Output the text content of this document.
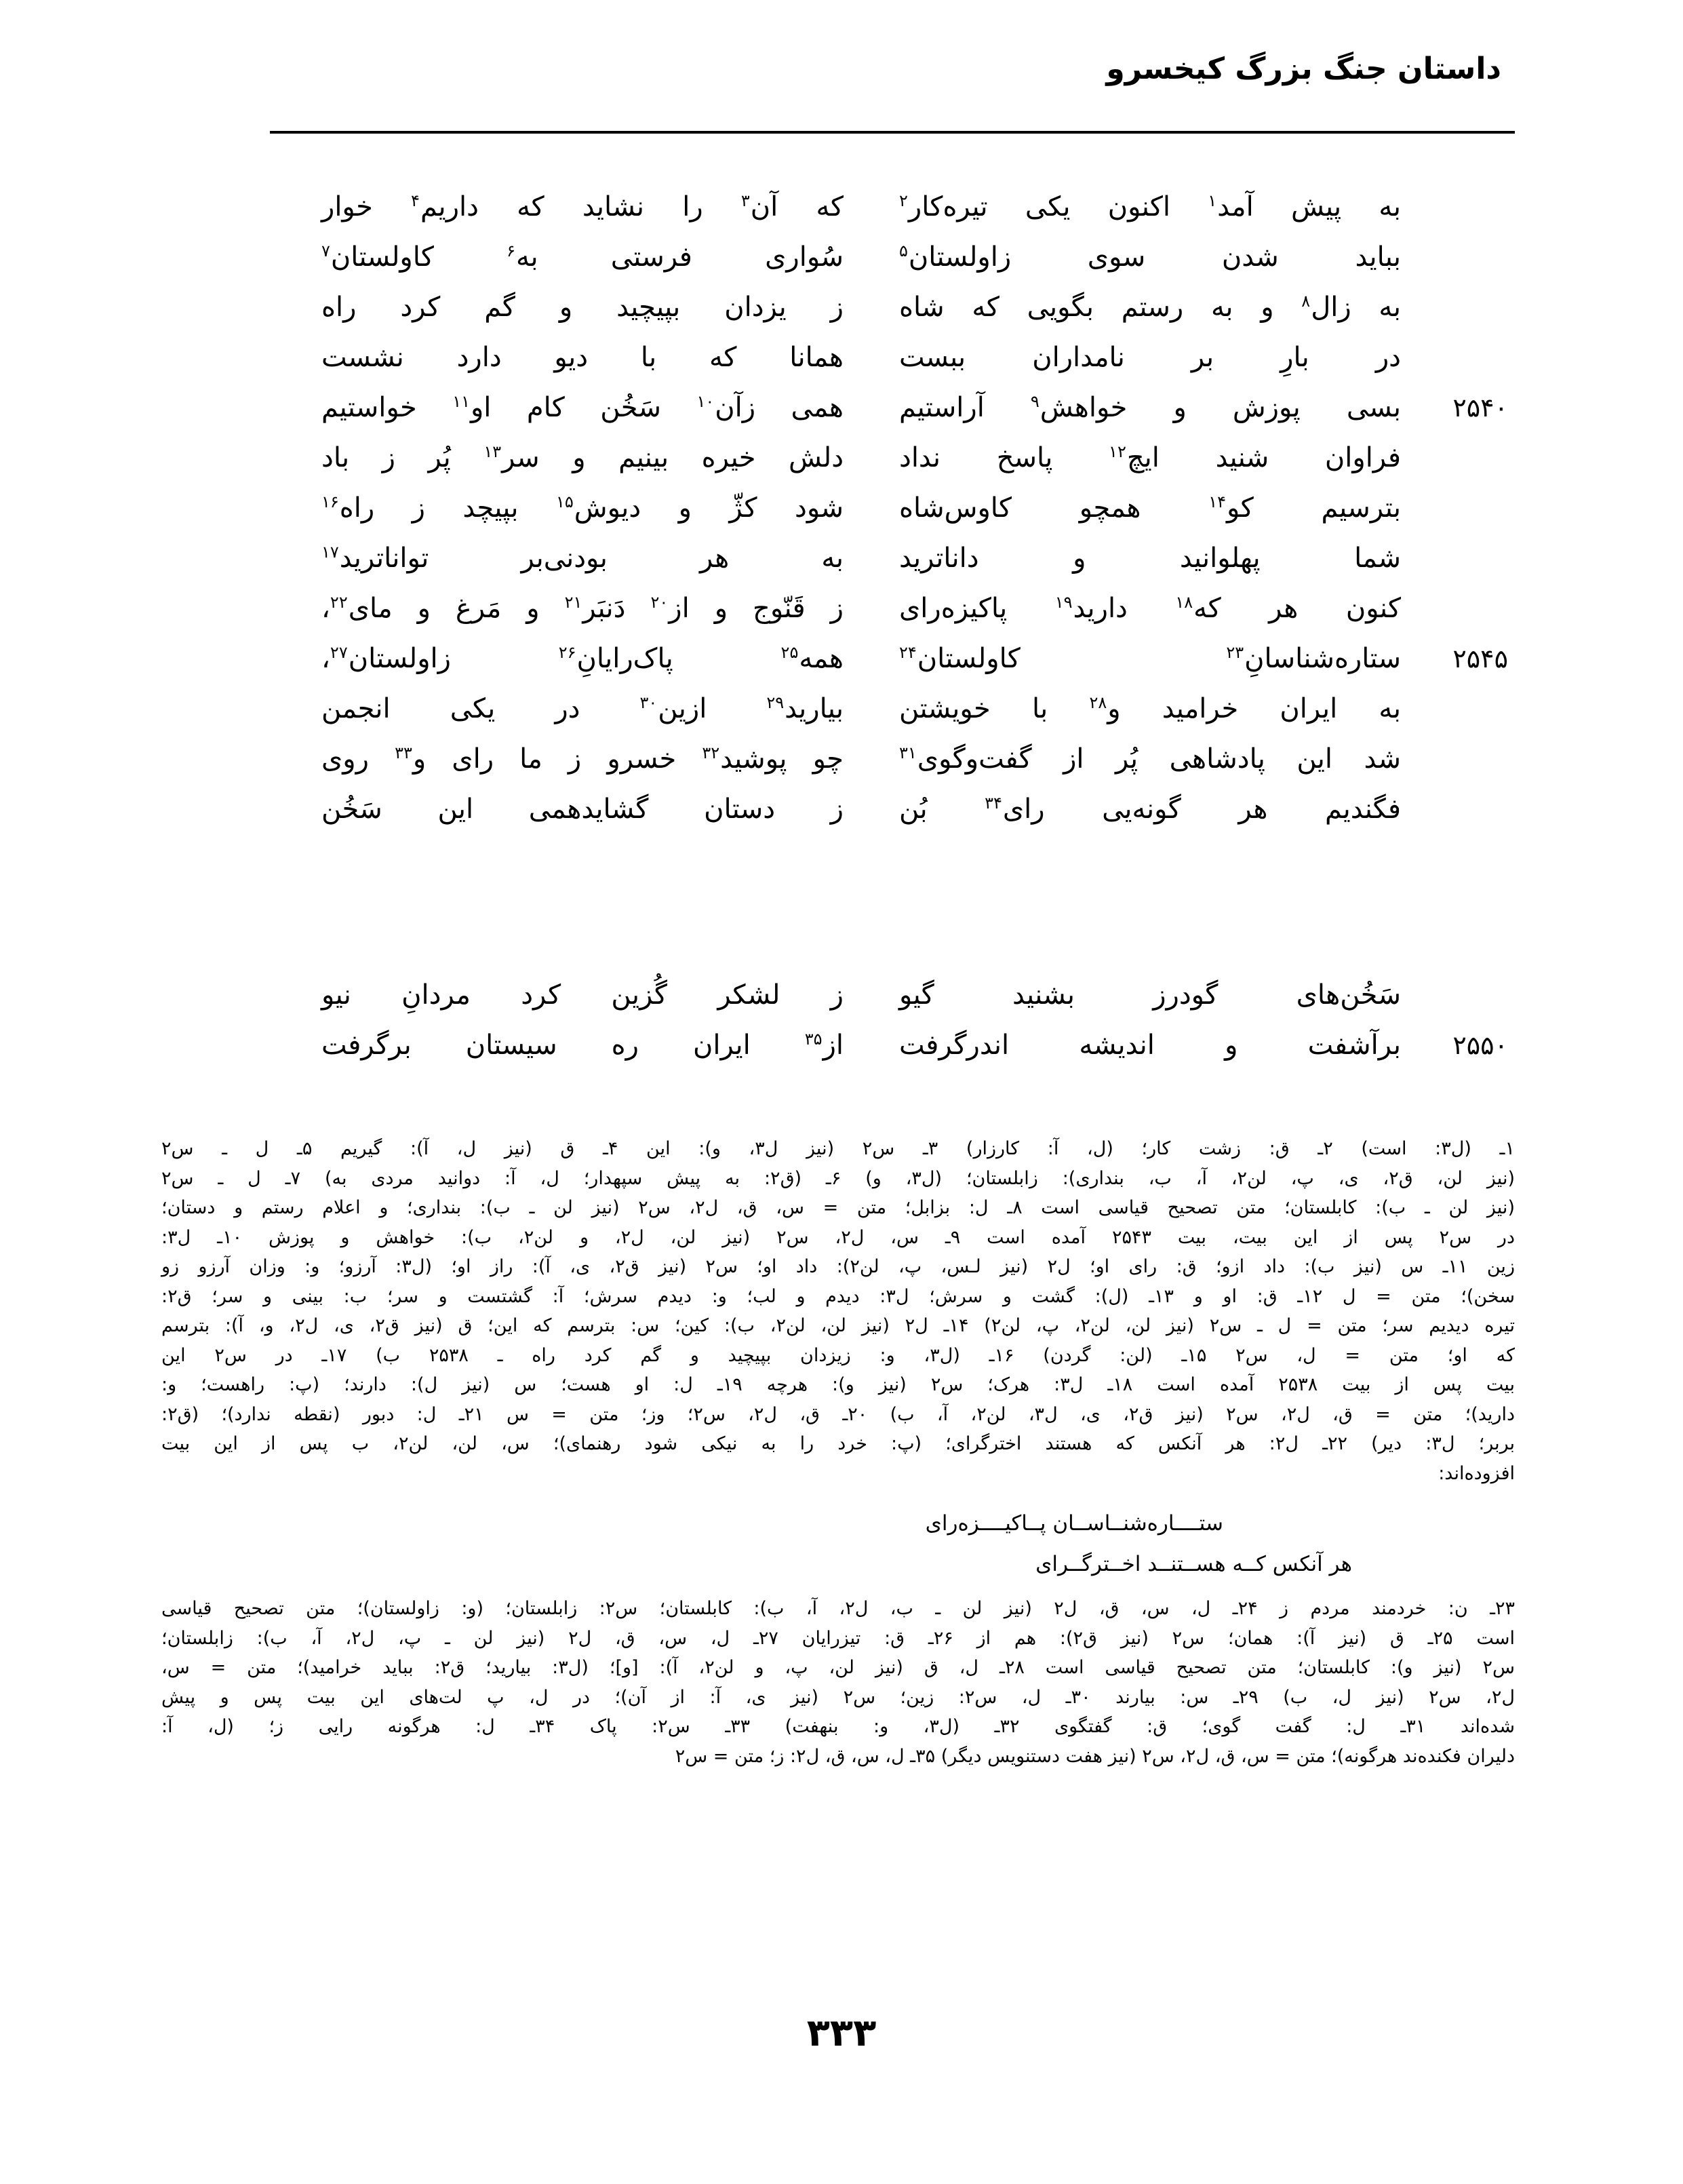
داستان جنگ بزرگ کیخسرو
به پیش آمد$^۱$ اکنون یکی تیره‌کار$^۲$
که آن$^۳$ را نشاید که داریم$^۴$ خوار
بباید شدن سوی زاولستان$^۵$
سُواری فرستی به$^۶$ کاولستان$^۷$
به زال$^۸$ و به رستم بگویی که شاه
ز یزدان بپیچید و گم کرد راه
در بارِ بر نامداران ببست
همانا که با دیو دارد نشست
۲۵۴۰
بسی پوزش و خواهش$^۹$ آراستیم
همی زآن$^{۱۰}$ سَخُن کام او$^{۱۱}$ خواستیم
فراوان شنید ایچ$^{۱۲}$ پاسخ نداد
دلش خیره بینیم و سر$^{۱۳}$ پُر ز باد
بترسیم کو$^{۱۴}$ همچو کاوس‌شاه
شود کژّ و دیوش$^{۱۵}$ بپیچد ز راه$^{۱۶}$
شما پهلوانید و داناترید
به هر بودنی‌بر تواناترید$^{۱۷}$
کنون هر که$^{۱۸}$ دارید$^{۱۹}$ پاکیزه‌رای
ز قَنّوج و از$^{۲۰}$ دَنبَر$^{۲۱}$ و مَرغ و مای$^{۲۲}$،
۲۵۴۵
ستاره‌شناسانِ$^{۲۳}$ کاولستان$^{۲۴}$
همه$^{۲۵}$ پاک‌رایانِ$^{۲۶}$ زاولستان$^{۲۷}$،
به ایران خرامید و$^{۲۸}$ با خویشتن
بیارید$^{۲۹}$ ازین$^{۳۰}$ در یکی انجمن
شد این پادشاهی پُر از گفت‌وگوی$^{۳۱}$
چو پوشید$^{۳۲}$ خسرو ز ما رای و$^{۳۳}$ روی
فگندیم هر گونه‌یی رای$^{۳۴}$ بُن
ز دستان گشایدهمی این سَخُن
سَخُن‌های گودرز بشنید گیو
ز لشکر گُزین کرد مردانِ نیو
۲۵۵۰
برآشفت و اندیشه اندرگرفت
از$^{۳۵}$ ایران ره سیستان برگرفت
۱ـ (ل۳: است) ۲ـ ق: زشت کار؛ (ل، آ: کارزار) ۳ـ س۲ (نیز ل۳، و): این ۴ـ ق (نیز ل، آ): گیریم ۵ـ ل ـ س۲
(نیز لن، ق۲، ی، پ، لن۲، آ، ب، بنداری): زابلستان؛ (ل۳، و) ۶ـ (ق۲: به پیش سپهدار؛ ل، آ: دوانید مردی به) ۷ـ ل ـ س۲
(نیز لن ـ ب): کابلستان؛ متن تصحیح قیاسی است ۸ـ ل: بزابل؛ متن = س، ق، ل۲، س۲ (نیز لن ـ ب): بنداری؛ و اعلام رستم و دستان؛
در س۲ پس از این بیت، بیت ۲۵۴۳ آمده است ۹ـ س، ل۲، س۲ (نیز لن، ل۲، و لن۲، ب): خواهش و پوزش ۱۰ـ ل۳:
زین ۱۱ـ س (نیز ب): داد ازو؛ ق: رای او؛ ل۲ (نیز لـس، پ، لن۲): داد او؛ س۲ (نیز ق۲، ی، آ): راز او؛ (ل۳: آرزو؛ و: وزان آرزو زو
سخن)؛ متن = ل ۱۲ـ ق: او و ۱۳ـ (ل): گشت و سرش؛ ل۳: دیدم و لب؛ و: دیدم سرش؛ آ: گشتست و سر؛ ب: بینی و سر؛ ق۲:
تیره دیدیم سر؛ متن = ل ـ س۲ (نیز لن، لن۲، پ، لن۲) ۱۴ـ ل۲ (نیز لن، لن۲، ب): کین؛ س: بترسم که این؛ ق (نیز ق۲، ی، ل۲، و، آ): بترسم
که او؛ متن = ل، س۲ ۱۵ـ (لن: گردن) ۱۶ـ (ل۳، و: زیزدان بپیچید و گم کرد راه ـ ۲۵۳۸ ب) ۱۷ـ در س۲ این
بیت پس از بیت ۲۵۳۸ آمده است ۱۸ـ ل۳: هرک؛ س۲ (نیز و): هرچه ۱۹ـ ل: او هست؛ س (نیز ل): دارند؛ (پ: راهست؛ و:
دارید)؛ متن = ق، ل۲، س۲ (نیز ق۲، ی، ل۳، لن۲، آ، ب) ۲۰ـ ق، ل۲، س۲؛ وز؛ متن = س ۲۱ـ ل: دبور (نقطه ندارد)؛ (ق۲:
بربر؛ ل۳: دیر) ۲۲ـ ل۲: هر آنکس که هستند اخترگرای؛ (پ: خرد را به نیکی شود رهنمای)؛ س، لن، لن۲، ب پس از این بیت
افزوده‌اند:
ستــــاره‌شنــاســان پــاکیــــزه‌رای
هر آنکس کــه هســتنــد اخــترگــرای
۲۳ـ ن: خردمند مردم ز ۲۴ـ ل، س، ق، ل۲ (نیز لن ـ ب، ل۲، آ، ب): کابلستان؛ س۲: زابلستان؛ (و: زاولستان)؛ متن تصحیح قیاسی
است ۲۵ـ ق (نیز آ): همان؛ س۲ (نیز ق۲): هم از ۲۶ـ ق: تیزرایان ۲۷ـ ل، س، ق، ل۲ (نیز لن ـ پ، ل۲، آ، ب): زابلستان؛
س۲ (نیز و): کابلستان؛ متن تصحیح قیاسی است ۲۸ـ ل، ق (نیز لن، پ، و لن۲، آ): [و]؛ (ل۳: بیارید؛ ق۲: بباید خرامید)؛ متن = س،
ل۲، س۲ (نیز ل، ب) ۲۹ـ س: بیارند ۳۰ـ ل، س۲: زین؛ س۲ (نیز ی، آ: از آن)؛ در ل، پ لت‌های این بیت پس و پیش
شده‌اند ۳۱ـ ل: گفت گوی؛ ق: گفتگوی ۳۲ـ (ل۳، و: بنهفت) ۳۳ـ س۲: پاک ۳۴ـ ل: هرگونه رایی ز؛ (ل، آ:
دلیران فکنده‌ند هرگونه)؛ متن = س، ق، ل۲، س۲ (نیز هفت دستنویس دیگر) ۳۵ـ ل، س، ق، ل۲: ز؛ متن = س۲
۳۳۳
